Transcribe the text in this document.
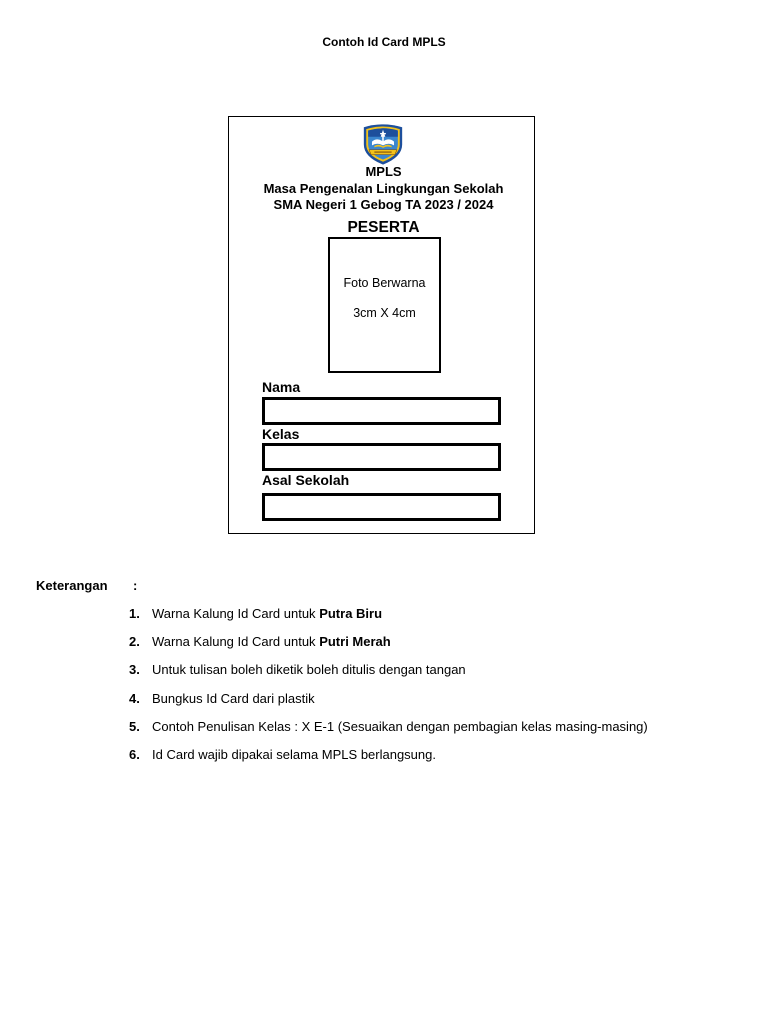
Contoh Id Card MPLS
MPLS
Masa Pengenalan Lingkungan Sekolah
SMA Negeri 1 Gebog TA 2023 / 2024
PESERTA
Foto Berwarna
3cm X 4cm
Nama
Kelas
Asal Sekolah
Keterangan :
1. Warna Kalung Id Card untuk Putra Biru
2. Warna Kalung Id Card untuk Putri Merah
3. Untuk tulisan boleh diketik boleh ditulis dengan tangan
4. Bungkus Id Card dari plastik
5. Contoh Penulisan Kelas : X E-1 (Sesuaikan dengan pembagian kelas masing-masing)
6. Id Card wajib dipakai selama MPLS berlangsung.
